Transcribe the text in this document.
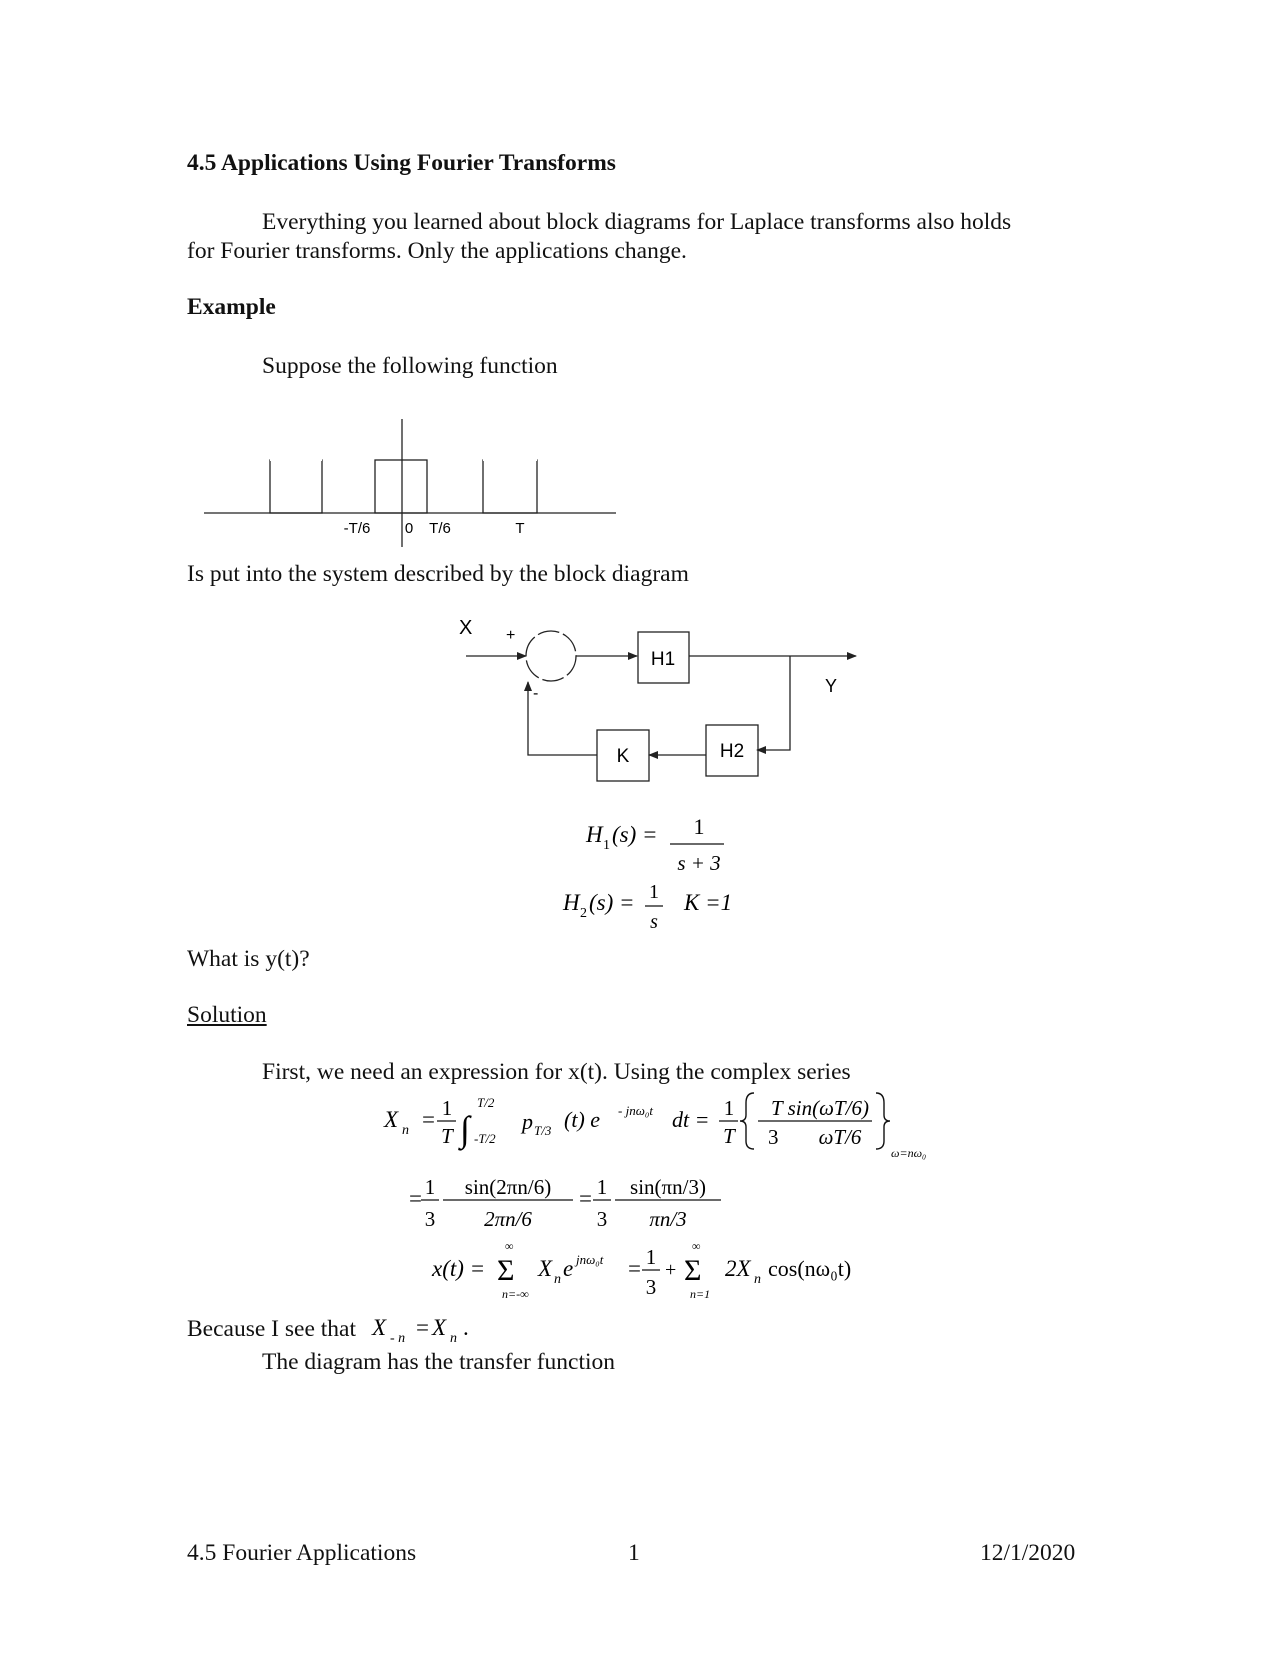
4.5 Applications Using Fourier Transforms
Everything you learned about block diagrams for Laplace transforms also holds
for Fourier transforms. Only the applications change.
Example
Suppose the following function
-T/6 0 T/6	T
Is put into the system described by the block diagram
X +
H1
Y
H2
K
-
H 1 (s) = 1
s + 3
H 2 (s) = 1
s
K =1
What is y(t)?
Solution
First, we need an expression for x(t). Using the complex series
X n = 1
T ∫
T/2
-T/2
p T/3 (t) e - jnω₀t dt = 1
T
T sin(ωT/6)
3 ωT/6
ω=nω₀
= 1
3
sin(2πn/6)
2πn/6
= 1
3
sin(πn/3)
πn/3
x(t) =
∞
Σ
n=-∞
X n e jnω₀t = 1
3
+
∞
Σ
n=1
2X n cos(nω₀t)
Because I see that X - n = X n .
The diagram has the transfer function
4.5 Fourier Applications	1	12/1/2020
